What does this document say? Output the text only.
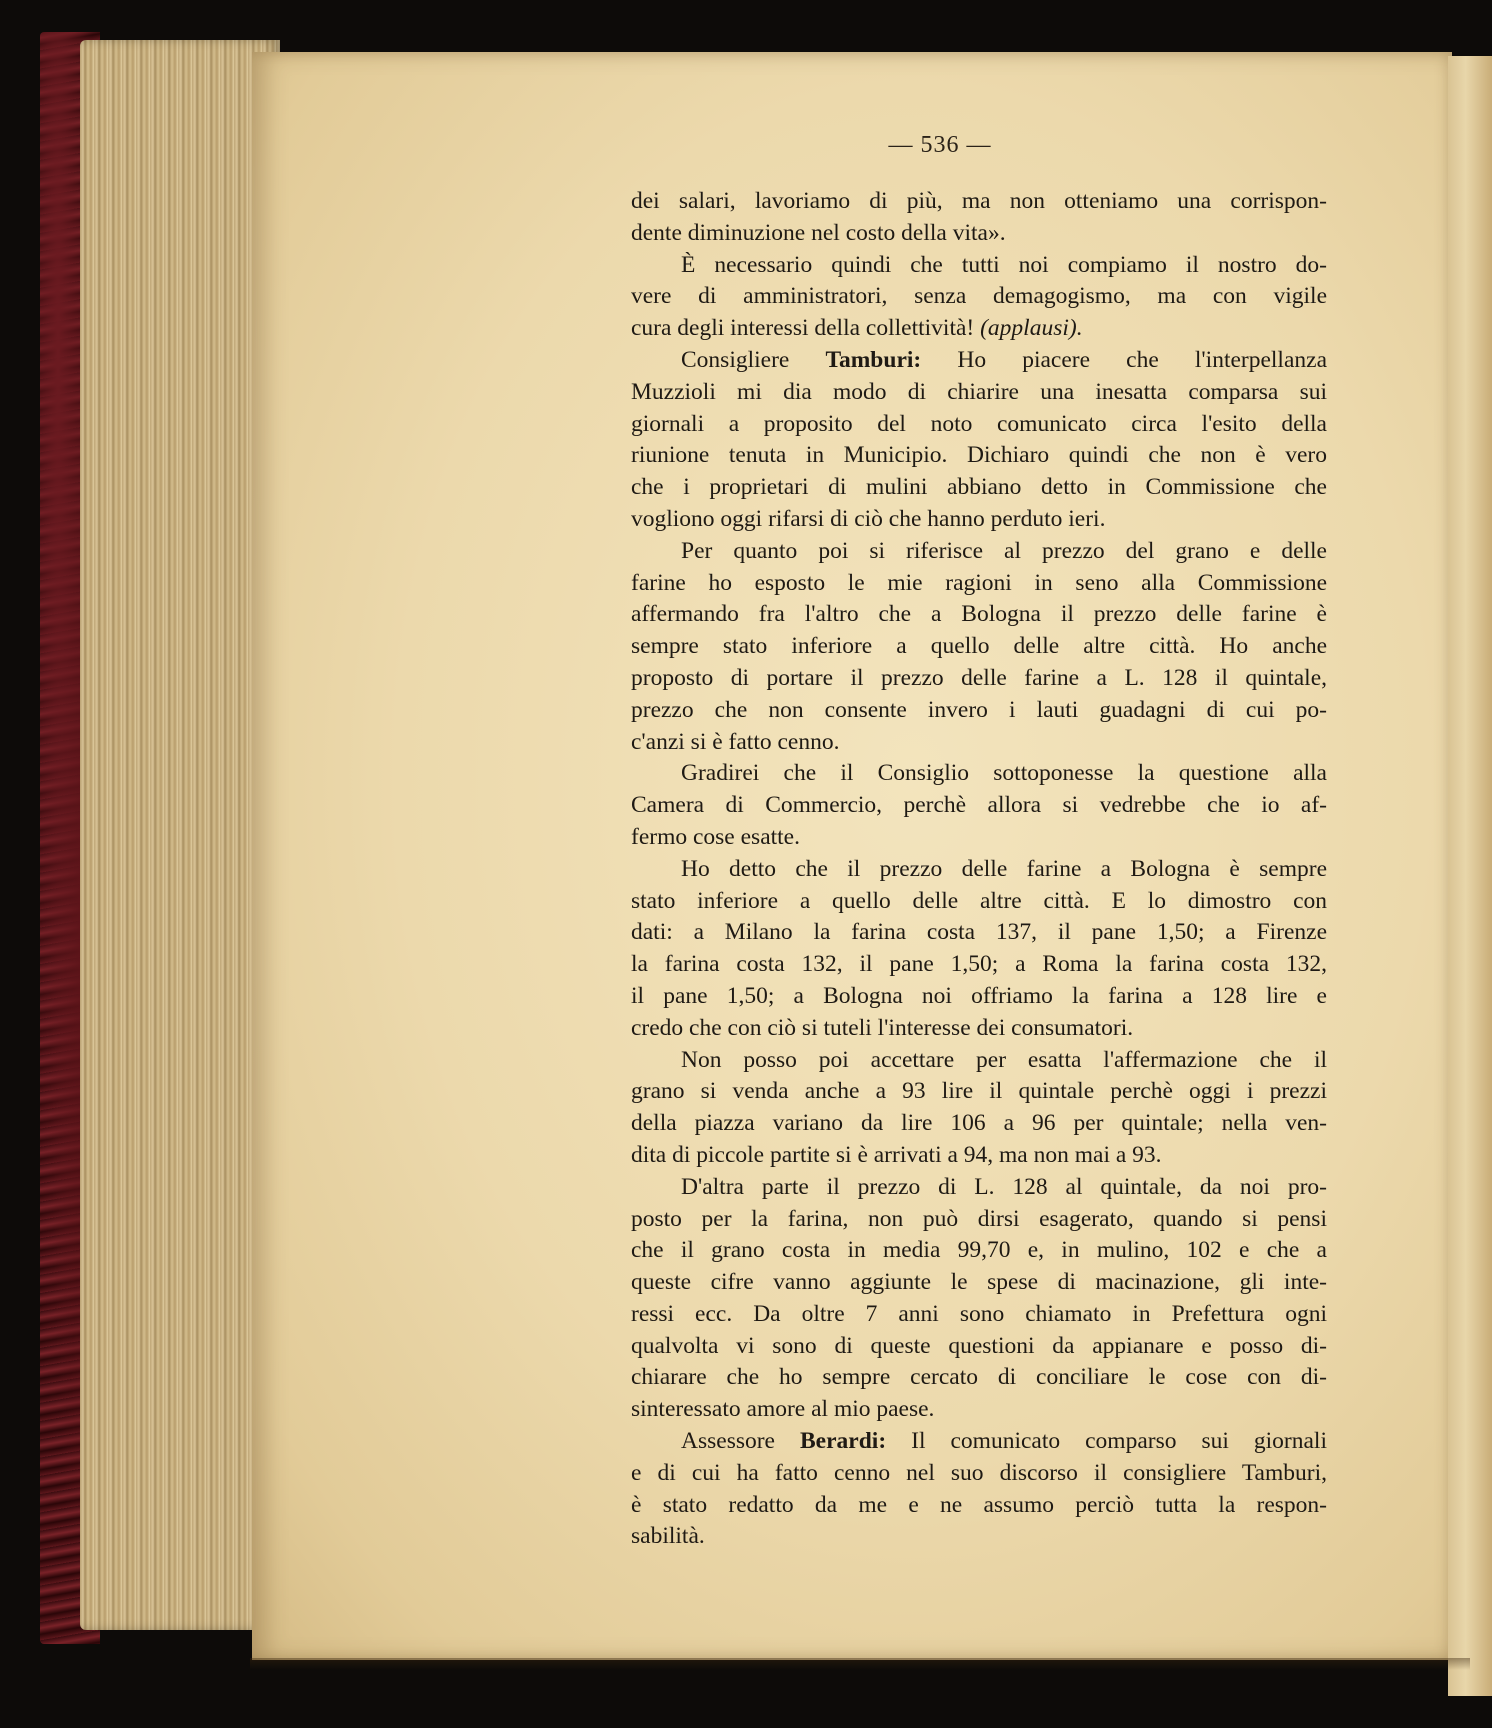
— 536 —
dei salari, lavoriamo di più, ma non otteniamo una corrispon-
dente diminuzione nel costo della vita».
È necessario quindi che tutti noi compiamo il nostro do-
vere di amministratori, senza demagogismo, ma con vigile
cura degli interessi della collettività! (applausi).
Consigliere Tamburi: Ho piacere che l'interpellanza
Muzzioli mi dia modo di chiarire una inesatta comparsa sui
giornali a proposito del noto comunicato circa l'esito della
riunione tenuta in Municipio. Dichiaro quindi che non è vero
che i proprietari di mulini abbiano detto in Commissione che
vogliono oggi rifarsi di ciò che hanno perduto ieri.
Per quanto poi si riferisce al prezzo del grano e delle
farine ho esposto le mie ragioni in seno alla Commissione
affermando fra l'altro che a Bologna il prezzo delle farine è
sempre stato inferiore a quello delle altre città. Ho anche
proposto di portare il prezzo delle farine a L. 128 il quintale,
prezzo che non consente invero i lauti guadagni di cui po-
c'anzi si è fatto cenno.
Gradirei che il Consiglio sottoponesse la questione alla
Camera di Commercio, perchè allora si vedrebbe che io af-
fermo cose esatte.
Ho detto che il prezzo delle farine a Bologna è sempre
stato inferiore a quello delle altre città. E lo dimostro con
dati: a Milano la farina costa 137, il pane 1,50; a Firenze
la farina costa 132, il pane 1,50; a Roma la farina costa 132,
il pane 1,50; a Bologna noi offriamo la farina a 128 lire e
credo che con ciò si tuteli l'interesse dei consumatori.
Non posso poi accettare per esatta l'affermazione che il
grano si venda anche a 93 lire il quintale perchè oggi i prezzi
della piazza variano da lire 106 a 96 per quintale; nella ven-
dita di piccole partite si è arrivati a 94, ma non mai a 93.
D'altra parte il prezzo di L. 128 al quintale, da noi pro-
posto per la farina, non può dirsi esagerato, quando si pensi
che il grano costa in media 99,70 e, in mulino, 102 e che a
queste cifre vanno aggiunte le spese di macinazione, gli inte-
ressi ecc. Da oltre 7 anni sono chiamato in Prefettura ogni
qualvolta vi sono di queste questioni da appianare e posso di-
chiarare che ho sempre cercato di conciliare le cose con di-
sinteressato amore al mio paese.
Assessore Berardi: Il comunicato comparso sui giornali
e di cui ha fatto cenno nel suo discorso il consigliere Tamburi,
è stato redatto da me e ne assumo perciò tutta la respon-
sabilità.
